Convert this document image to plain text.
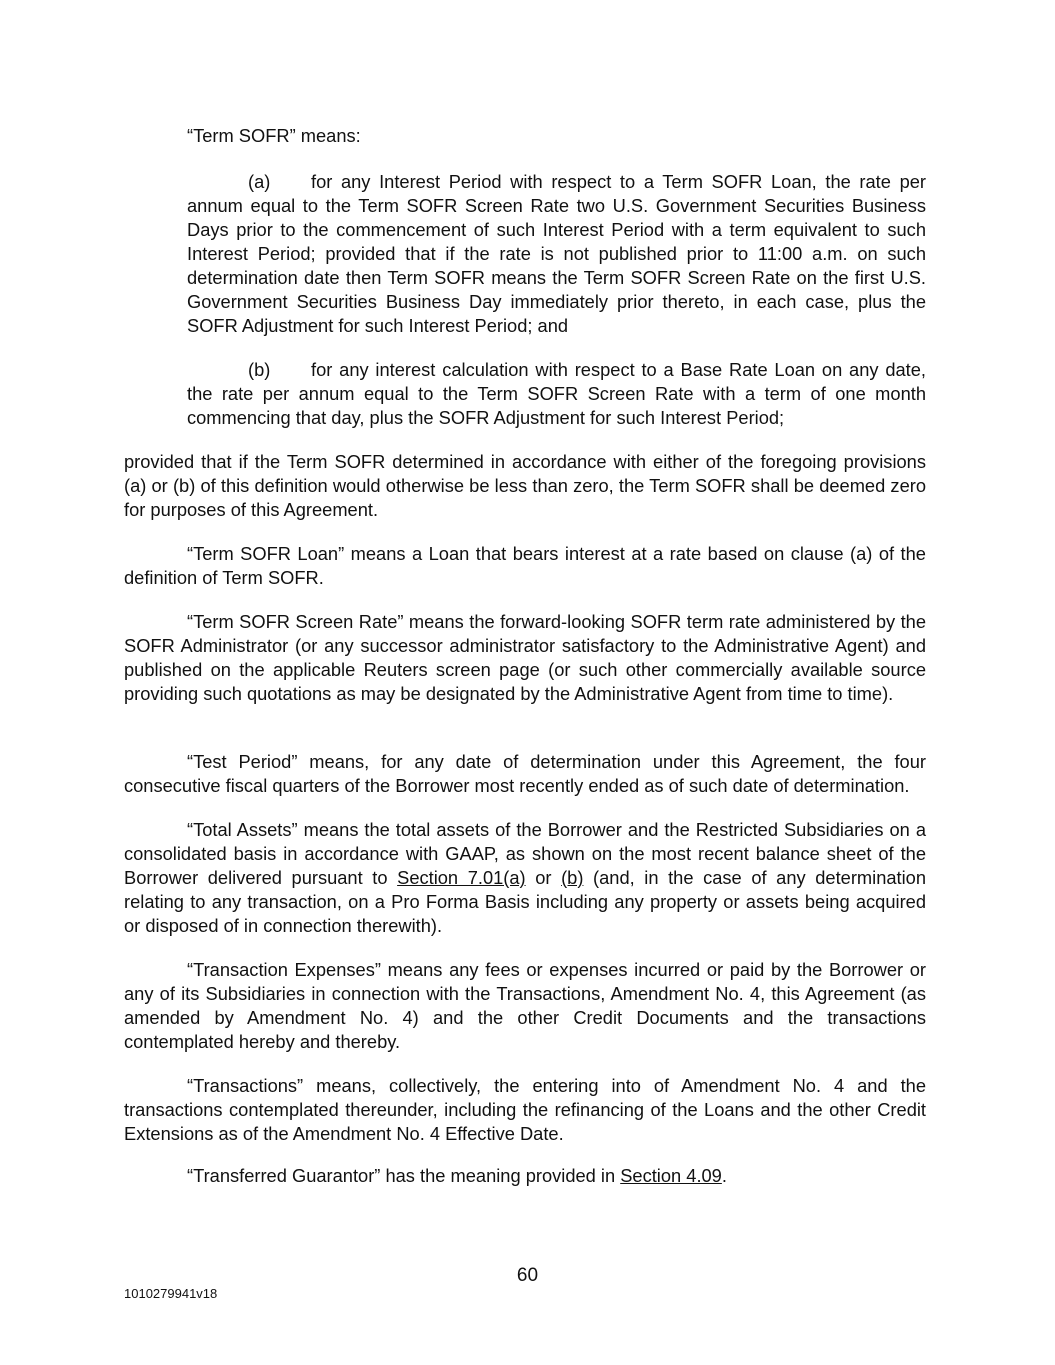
“Term SOFR” means:

(a) for any Interest Period with respect to a Term SOFR Loan, the rate per annum equal to the Term SOFR Screen Rate two U.S. Government Securities Business Days prior to the commencement of such Interest Period with a term equivalent to such Interest Period; provided that if the rate is not published prior to 11:00 a.m. on such determination date then Term SOFR means the Term SOFR Screen Rate on the first U.S. Government Securities Business Day immediately prior thereto, in each case, plus the SOFR Adjustment for such Interest Period; and

(b) for any interest calculation with respect to a Base Rate Loan on any date, the rate per annum equal to the Term SOFR Screen Rate with a term of one month commencing that day, plus the SOFR Adjustment for such Interest Period;

provided that if the Term SOFR determined in accordance with either of the foregoing provisions (a) or (b) of this definition would otherwise be less than zero, the Term SOFR shall be deemed zero for purposes of this Agreement.

“Term SOFR Loan” means a Loan that bears interest at a rate based on clause (a) of the definition of Term SOFR.

“Term SOFR Screen Rate” means the forward-looking SOFR term rate administered by the SOFR Administrator (or any successor administrator satisfactory to the Administrative Agent) and published on the applicable Reuters screen page (or such other commercially available source providing such quotations as may be designated by the Administrative Agent from time to time).

“Test Period” means, for any date of determination under this Agreement, the four consecutive fiscal quarters of the Borrower most recently ended as of such date of determination.

“Total Assets” means the total assets of the Borrower and the Restricted Subsidiaries on a consolidated basis in accordance with GAAP, as shown on the most recent balance sheet of the Borrower delivered pursuant to Section 7.01(a) or (b) (and, in the case of any determination relating to any transaction, on a Pro Forma Basis including any property or assets being acquired or disposed of in connection therewith).

“Transaction Expenses” means any fees or expenses incurred or paid by the Borrower or any of its Subsidiaries in connection with the Transactions, Amendment No. 4, this Agreement (as amended by Amendment No. 4) and the other Credit Documents and the transactions contemplated hereby and thereby.

“Transactions” means, collectively, the entering into of Amendment No. 4 and the transactions contemplated thereunder, including the refinancing of the Loans and the other Credit Extensions as of the Amendment No. 4 Effective Date.

“Transferred Guarantor” has the meaning provided in Section 4.09.

60
1010279941v18
